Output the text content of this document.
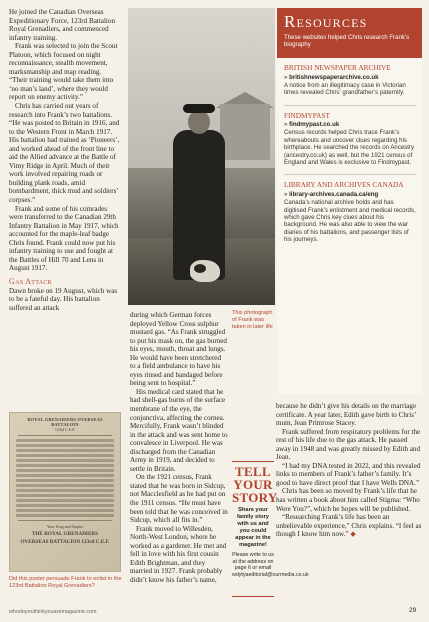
He joined the Canadian Overseas Expeditionary Force, 123rd Battalion Royal Grenadiers, and commenced infantry training.

Frank was selected to join the Scout Platoon, which focused on night reconnaissance, stealth movement, marksmanship and map reading. “Their training would take them into ‘no man’s land’, where they would report on enemy activity.”

Chris has carried out years of research into Frank’s two battalions. “He was posted to Britain in 1916, and to the Western Front in March 1917. His battalion had trained as ‘Pioneers’, and worked ahead of the front line to aid the Allied advance at the Battle of Vimy Ridge in April. Much of their work involved repairing roads or building plank roads, amid bombardment, thick mud and soldiers’ corpses.”

Frank and some of his comrades were transferred to the Canadian 29th Infantry Battalion in May 1917, which accounted for the maple-leaf badge Chris found. Frank could now put his infantry training to use and fought at the Battles of Hill 70 and Lens in August 1917.

Gas Attack

Dawn broke on 19 August, which was to be a fateful day. His battalion suffered an attack

This photograph of Frank was taken in later life
Resources
These websites helped Chris research Frank’s biography
BRITISH NEWSPAPER ARCHIVE
» britishnewspaperarchive.co.uk
A notice from an illegitimacy case in Victorian times revealed Chris’ grandfather’s paternity.
FINDMYPAST
» findmypast.co.uk
Census records helped Chris trace Frank’s whereabouts and uncover clues regarding his birthplace. He searched the records on Ancestry (ancestry.co.uk) as well, but the 1921 census of England and Wales is exclusive to Findmypast.
LIBRARY AND ARCHIVES CANADA
» library-archives.canada.ca/eng
Canada’s national archive holds and has digitised Frank’s enlistment and medical records, which gave Chris key clues about his background. He was also able to view the war diaries of his battalions, and passenger lists of his journeys.

during which German forces deployed Yellow Cross sulphur mustard gas. “As Frank struggled to put his mask on, the gas burned his eyes, mouth, throat and lungs. He would have been stretchered to a field ambulance to have his eyes rinsed and bandaged before being sent to hospital.”

His medical card stated that he had shell-gas burns of the surface membrane of the eye, the conjunctiva, affecting the cornea. Mercifully, Frank wasn’t blinded in the attack and was sent home to convalesce in Liverpool. He was discharged from the Canadian Army in 1919, and decided to settle in Britain.

On the 1921 census, Frank stated that he was born in Sidcup, not Macclesfield as he had put on the 1911 census. “He must have been told that he was conceived in Sidcup, which all fits in.”

Frank moved to Willesden, North-West London, where he worked as a gardener. He met and fell in love with his first cousin Edith Brightman, and they married in 1927. Frank probably didn’t know his father’s name,

TELL YOUR STORY
Share your family story with us and you could appear in the magazine!
Please write to us at the address on page 6 or email wdytyaeditorial@ourmedia.co.uk

because he didn’t give his details on the marriage certificate. A year later, Edith gave birth to Chris’ mum, Jean Primrose Stacey.

Frank suffered from respiratory problems for the rest of his life due to the gas attack. He passed away in 1948 and was greatly missed by Edith and Jean.

“I had my DNA tested in 2022, and this revealed links to members of Frank’s father’s family. It’s good to have direct proof that I have Wells DNA.”

Chris has been so moved by Frank’s life that he has written a book about him called Stigma: “Who Were You?”, which he hopes will be published.

“Researching Frank’s life has been an unbelievable experience,” Chris explains. “I feel as though I know him now.” ◆

ROYAL GRENADIERS OVERSEAS BATTALION
123rd C.E.F.
Your King and Empire
THE ROYAL GRENADIERS
OVERSEAS BATTALION 123rd C.E.F.
Did this poster persuade Frank to enlist in the 123rd Battalion Royal Grenadiers?
whodoyouthinkyouaremagazine.com	29
